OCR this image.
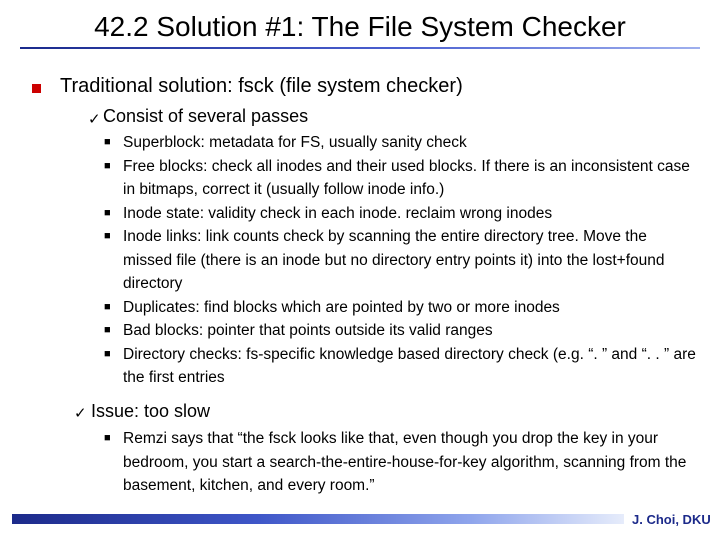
42.2 Solution #1: The File System Checker
Traditional solution: fsck (file system checker)
✓ Consist of several passes
■ Superblock: metadata for FS, usually sanity check
■ Free blocks: check all inodes and their used blocks. If there is an inconsistent case in bitmaps, correct it (usually follow inode info.)
■ Inode state: validity check in each inode. reclaim wrong inodes
■ Inode links: link counts check by scanning the entire directory tree. Move the missed file (there is an inode but no directory entry points it) into the lost+found directory
■ Duplicates: find blocks which are pointed by two or more inodes
■ Bad blocks: pointer that points outside its valid ranges
■ Directory checks: fs-specific knowledge based directory check (e.g. “. ” and “. . ” are the first entries
✓ Issue: too slow
■ Remzi says that “the fsck looks like that, even though you drop the key in your bedroom, you start a search-the-entire-house-for-key algorithm, scanning from the basement, kitchen, and every room.”
J. Choi, DKU
